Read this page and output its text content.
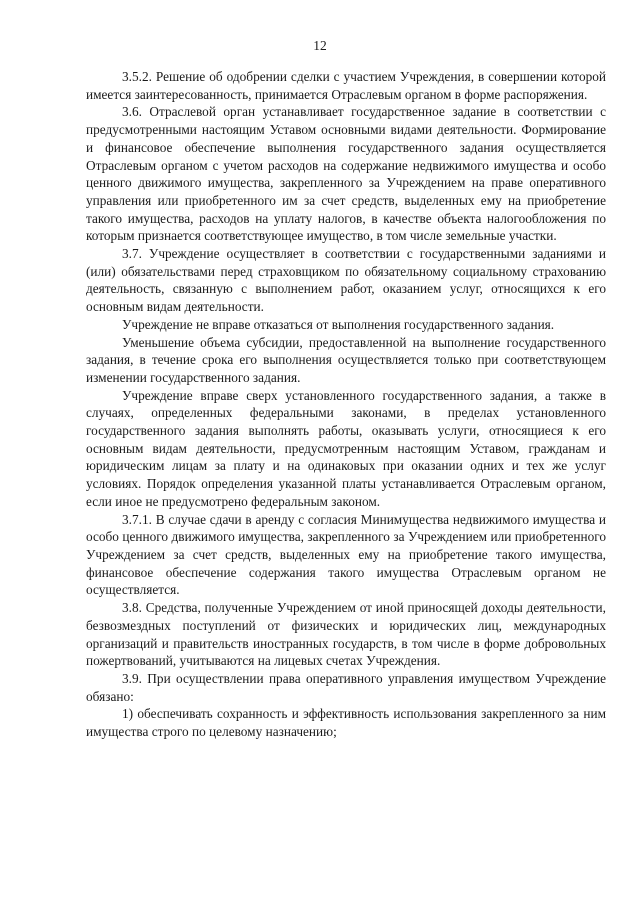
12

3.5.2. Решение об одобрении сделки с участием Учреждения, в совершении которой имеется заинтересованность, принимается Отраслевым органом в форме распоряжения.

3.6. Отраслевой орган устанавливает государственное задание в соответствии с предусмотренными настоящим Уставом основными видами деятельности. Формирование и финансовое обеспечение выполнения государственного задания осуществляется Отраслевым органом с учетом расходов на содержание недвижимого имущества и особо ценного движимого имущества, закрепленного за Учреждением на праве оперативного управления или приобретенного им за счет средств, выделенных ему на приобретение такого имущества, расходов на уплату налогов, в качестве объекта налогообложения по которым признается соответствующее имущество, в том числе земельные участки.

3.7. Учреждение осуществляет в соответствии с государственными заданиями и (или) обязательствами перед страховщиком по обязательному социальному страхованию деятельность, связанную с выполнением работ, оказанием услуг, относящихся к его основным видам деятельности.

Учреждение не вправе отказаться от выполнения государственного задания.

Уменьшение объема субсидии, предоставленной на выполнение государственного задания, в течение срока его выполнения осуществляется только при соответствующем изменении государственного задания.

Учреждение вправе сверх установленного государственного задания, а также в случаях, определенных федеральными законами, в пределах установленного государственного задания выполнять работы, оказывать услуги, относящиеся к его основным видам деятельности, предусмотренным настоящим Уставом, гражданам и юридическим лицам за плату и на одинаковых при оказании одних и тех же услуг условиях. Порядок определения указанной платы устанавливается Отраслевым органом, если иное не предусмотрено федеральным законом.

3.7.1. В случае сдачи в аренду с согласия Минимущества недвижимого имущества и особо ценного движимого имущества, закрепленного за Учреждением или приобретенного Учреждением за счет средств, выделенных ему на приобретение такого имущества, финансовое обеспечение содержания такого имущества Отраслевым органом не осуществляется.

3.8. Средства, полученные Учреждением от иной приносящей доходы деятельности, безвозмездных поступлений от физических и юридических лиц, международных организаций и правительств иностранных государств, в том числе в форме добровольных пожертвований, учитываются на лицевых счетах Учреждения.

3.9. При осуществлении права оперативного управления имуществом Учреждение обязано:

1) обеспечивать сохранность и эффективность использования закрепленного за ним имущества строго по целевому назначению;
